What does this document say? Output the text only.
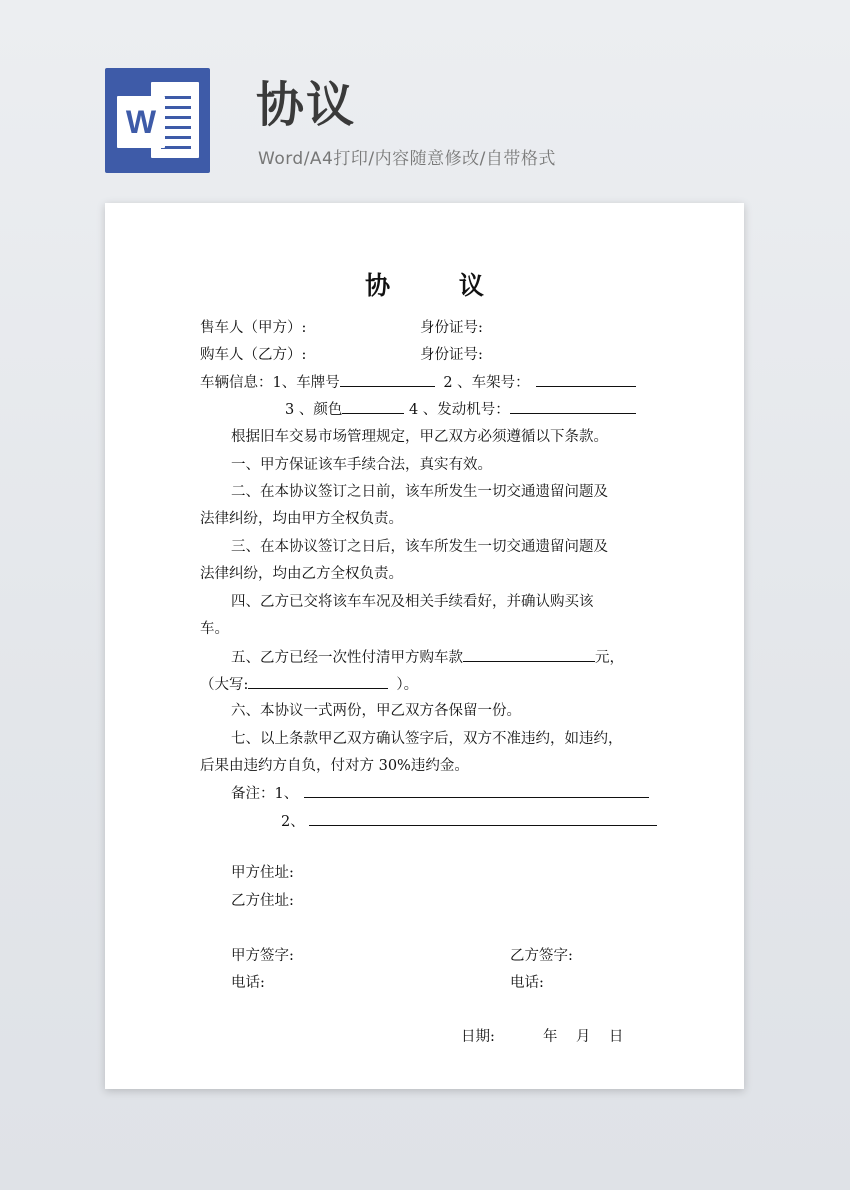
W 协议
Word/A4打印/内容随意修改/自带格式
协 议
售车人（甲方）:	身份证号:
购车人（乙方）:	身份证号:
车辆信息：1、车牌号	2 、车架号：
3 、颜色	4 、发动机号：
根据旧车交易市场管理规定，甲乙双方必须遵循以下条款。
一、甲方保证该车手续合法，真实有效。
二、在本协议签订之日前，该车所发生一切交通遗留问题及
法律纠纷，均由甲方全权负责。
三、在本协议签订之日后，该车所发生一切交通遗留问题及
法律纠纷，均由乙方全权负责。
四、乙方已交将该车车况及相关手续看好，并确认购买该
车。
五、乙方已经一次性付清甲方购车款	元，
（大写:	）。
六、本协议一式两份，甲乙双方各保留一份。
七、以上条款甲乙双方确认签字后，双方不准违约，如违约，
后果由违约方自负，付对方 30%违约金。
备注：1、
2、
甲方住址:
乙方住址:
甲方签字:	乙方签字:
电话:	电话:
日期:	年    月    日
